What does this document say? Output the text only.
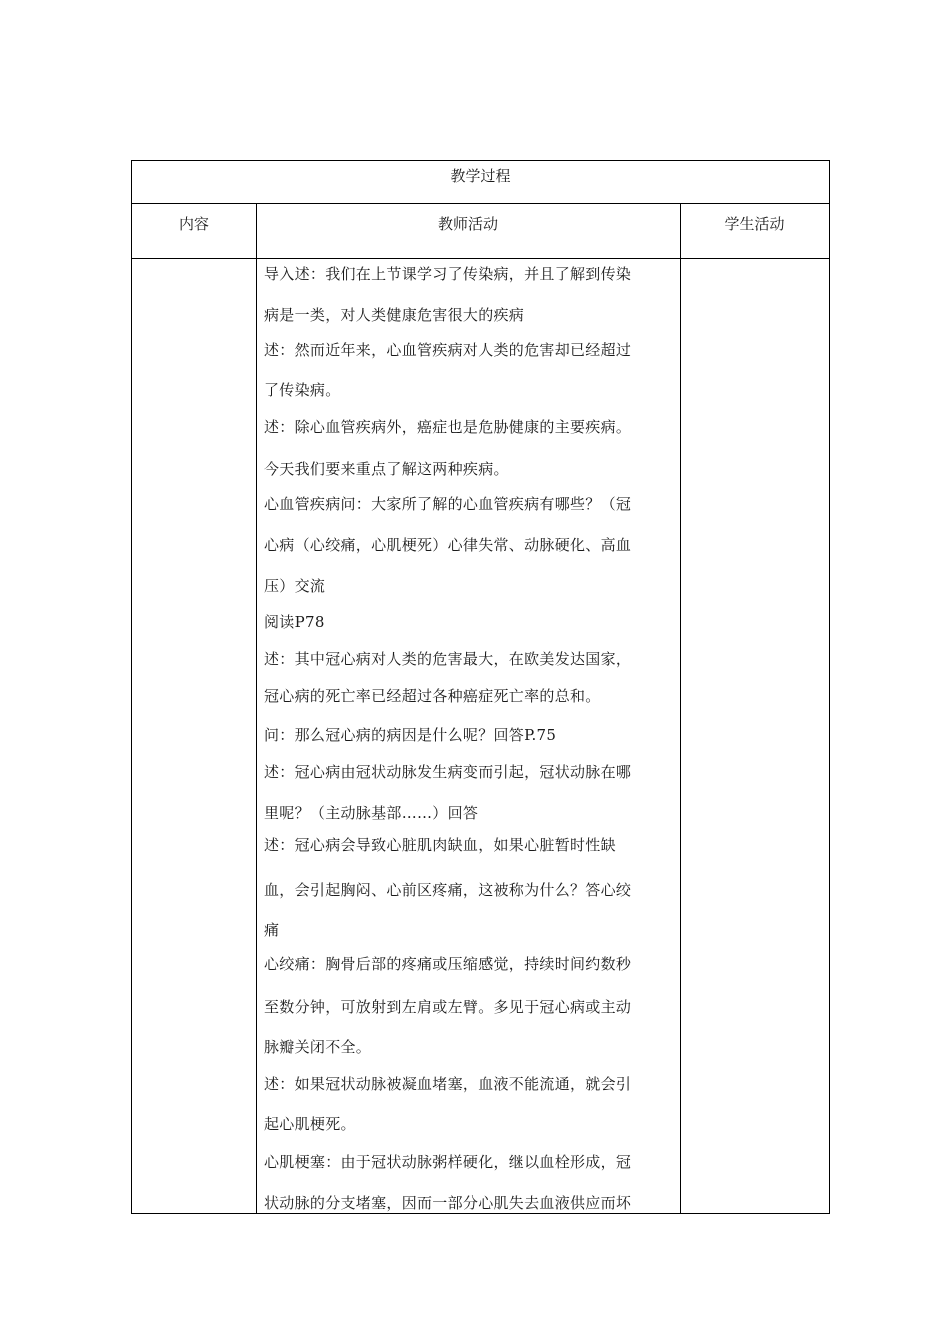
教学过程
内容	教师活动	学生活动
导入述：我们在上节课学习了传染病，并且了解到传染
病是一类，对人类健康危害很大的疾病
述：然而近年来，心血管疾病对人类的危害却已经超过
了传染病。
述：除心血管疾病外，癌症也是危胁健康的主要疾病。
今天我们要来重点了解这两种疾病。
心血管疾病问：大家所了解的心血管疾病有哪些？（冠
心病（心绞痛，心肌梗死）心律失常、动脉硬化、高血
压）交流
阅读P78
述：其中冠心病对人类的危害最大，在欧美发达国家，
冠心病的死亡率已经超过各种癌症死亡率的总和。
问：那么冠心病的病因是什么呢？回答P.75
述：冠心病由冠状动脉发生病变而引起，冠状动脉在哪
里呢？（主动脉基部……）回答
述：冠心病会导致心脏肌肉缺血，如果心脏暂时性缺
血，会引起胸闷、心前区疼痛，这被称为什么？答心绞
痛
心绞痛：胸骨后部的疼痛或压缩感觉，持续时间约数秒
至数分钟，可放射到左肩或左臂。多见于冠心病或主动
脉瓣关闭不全。
述：如果冠状动脉被凝血堵塞，血液不能流通，就会引
起心肌梗死。
心肌梗塞：由于冠状动脉粥样硬化，继以血栓形成，冠
状动脉的分支堵塞，因而一部分心肌失去血液供应而坏
